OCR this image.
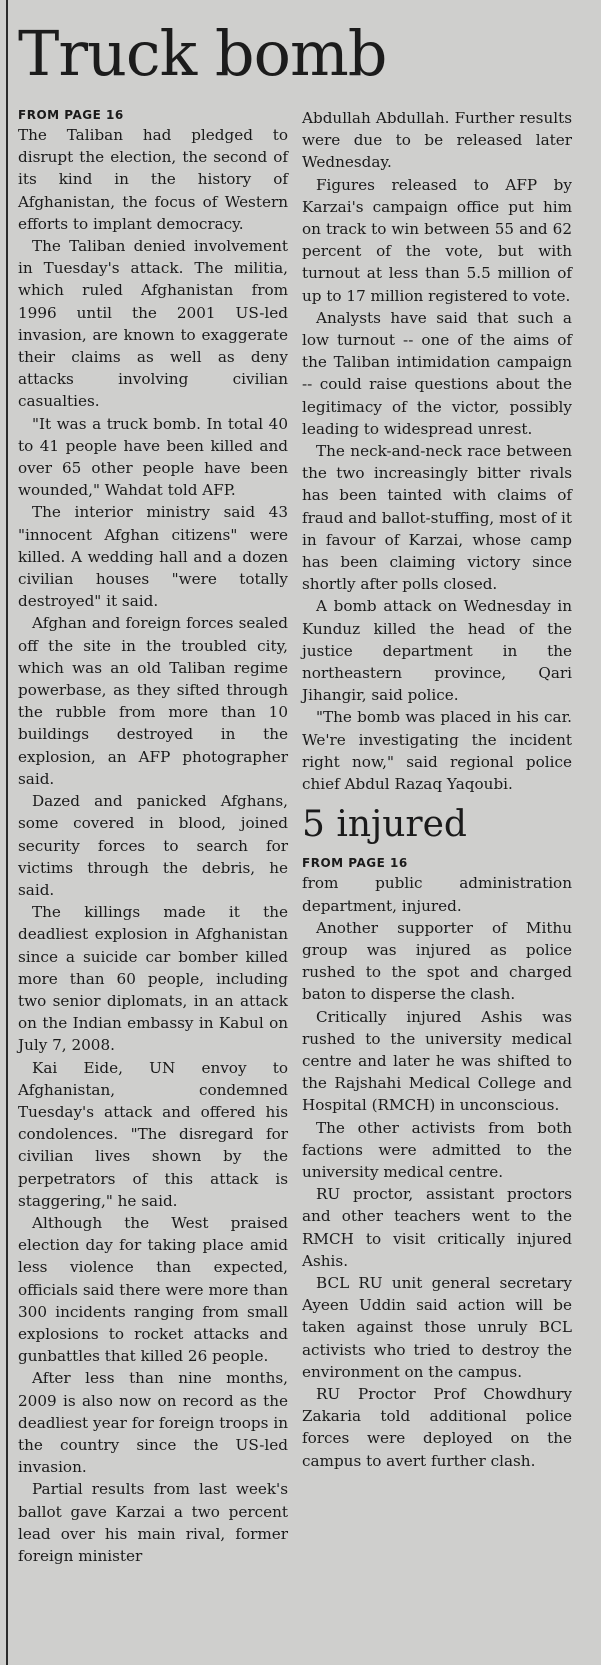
Truck bomb
FROM PAGE 16

The Taliban had pledged to disrupt the election, the second of its kind in the history of Afghanistan, the focus of Western efforts to implant democracy.

The Taliban denied involvement in Tuesday's attack. The militia, which ruled Afghanistan from 1996 until the 2001 US-led invasion, are known to exaggerate their claims as well as deny attacks involving civilian casualties.

"It was a truck bomb. In total 40 to 41 people have been killed and over 65 other people have been wounded," Wahdat told AFP.

The interior ministry said 43 "innocent Afghan citizens" were killed. A wedding hall and a dozen civilian houses "were totally destroyed" it said.

Afghan and foreign forces sealed off the site in the troubled city, which was an old Taliban regime powerbase, as they sifted through the rubble from more than 10 buildings destroyed in the explosion, an AFP photographer said.

Dazed and panicked Afghans, some covered in blood, joined security forces to search for victims through the debris, he said.

The killings made it the deadliest explosion in Afghanistan since a suicide car bomber killed more than 60 people, including two senior diplomats, in an attack on the Indian embassy in Kabul on July 7, 2008.

Kai Eide, UN envoy to Afghanistan, condemned Tuesday's attack and offered his condolences. "The disregard for civilian lives shown by the perpetrators of this attack is staggering," he said.

Although the West praised election day for taking place amid less violence than expected, officials said there were more than 300 incidents ranging from small explosions to rocket attacks and gunbattles that killed 26 people.

After less than nine months, 2009 is also now on record as the deadliest year for foreign troops in the country since the US-led invasion.

Partial results from last week's ballot gave Karzai a two percent lead over his main rival, former foreign minister

Abdullah Abdullah. Further results were due to be released later Wednesday.

Figures released to AFP by Karzai's campaign office put him on track to win between 55 and 62 percent of the vote, but with turnout at less than 5.5 million of up to 17 million registered to vote.

Analysts have said that such a low turnout -- one of the aims of the Taliban intimidation campaign -- could raise questions about the legitimacy of the victor, possibly leading to widespread unrest.

The neck-and-neck race between the two increasingly bitter rivals has been tainted with claims of fraud and ballot-stuffing, most of it in favour of Karzai, whose camp has been claiming victory since shortly after polls closed.

A bomb attack on Wednesday in Kunduz killed the head of the justice department in the northeastern province, Qari Jihangir, said police.

"The bomb was placed in his car. We're investigating the incident right now," said regional police chief Abdul Razaq Yaqoubi.

5 injured
FROM PAGE 16

from public administration department, injured.

Another supporter of Mithu group was injured as police rushed to the spot and charged baton to disperse the clash.

Critically injured Ashis was rushed to the university medical centre and later he was shifted to the Rajshahi Medical College and Hospital (RMCH) in unconscious.

The other activists from both factions were admitted to the university medical centre.

RU proctor, assistant proctors and other teachers went to the RMCH to visit critically injured Ashis.

BCL RU unit general secretary Ayeen Uddin said action will be taken against those unruly BCL activists who tried to destroy the environment on the campus.

RU Proctor Prof Chowdhury Zakaria told additional police forces were deployed on the campus to avert further clash.
